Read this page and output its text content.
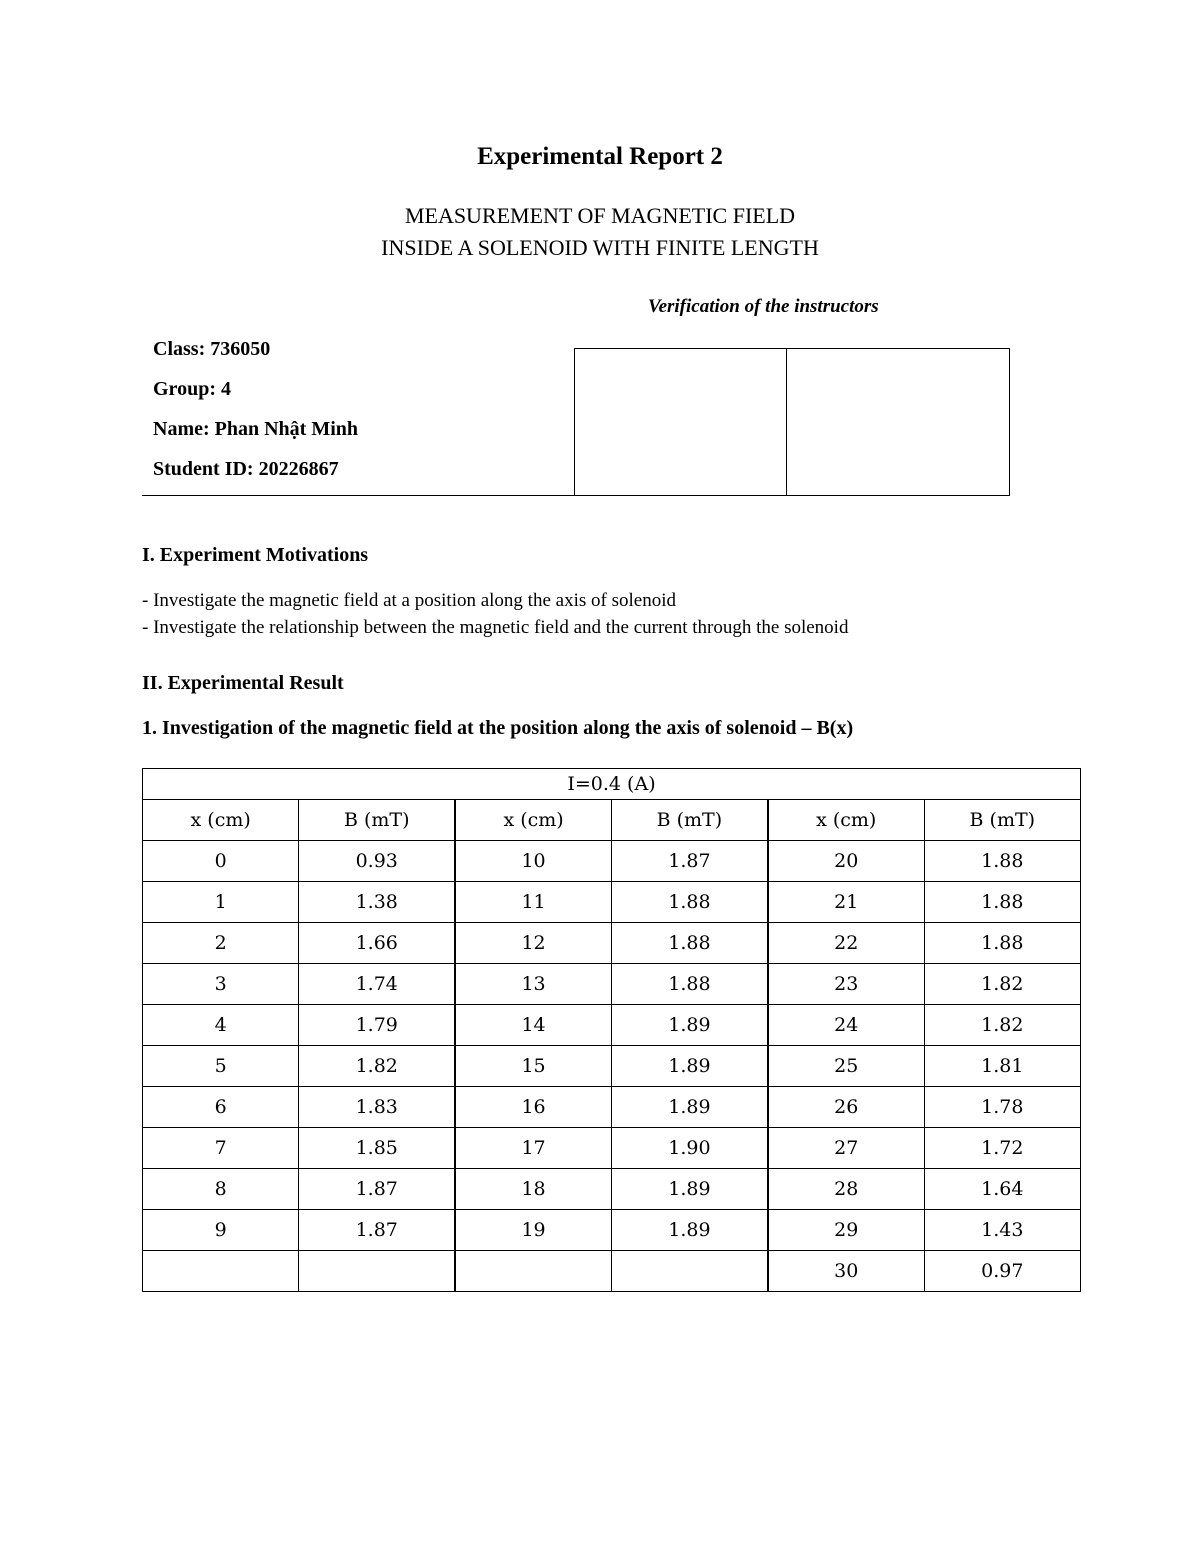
Experimental Report 2
MEASUREMENT OF MAGNETIC FIELD
INSIDE A SOLENOID WITH FINITE LENGTH
Verification of the instructors
Class: 736050
Group: 4
Name: Phan Nhật Minh
Student ID: 20226867
I. Experiment Motivations
- Investigate the magnetic field at a position along the axis of solenoid
- Investigate the relationship between the magnetic field and the current through the solenoid
II. Experimental Result
1. Investigation of the magnetic field at the position along the axis of solenoid – B(x)
I=0.4 (A)					
x (cm)	B (mT)	x (cm)	B (mT)	x (cm)	B (mT)
0	0.93	10	1.87	20	1.88
1	1.38	11	1.88	21	1.88
2	1.66	12	1.88	22	1.88
3	1.74	13	1.88	23	1.82
4	1.79	14	1.89	24	1.82
5	1.82	15	1.89	25	1.81
6	1.83	16	1.89	26	1.78
7	1.85	17	1.90	27	1.72
8	1.87	18	1.89	28	1.64
9	1.87	19	1.89	29	1.43
				30	0.97
